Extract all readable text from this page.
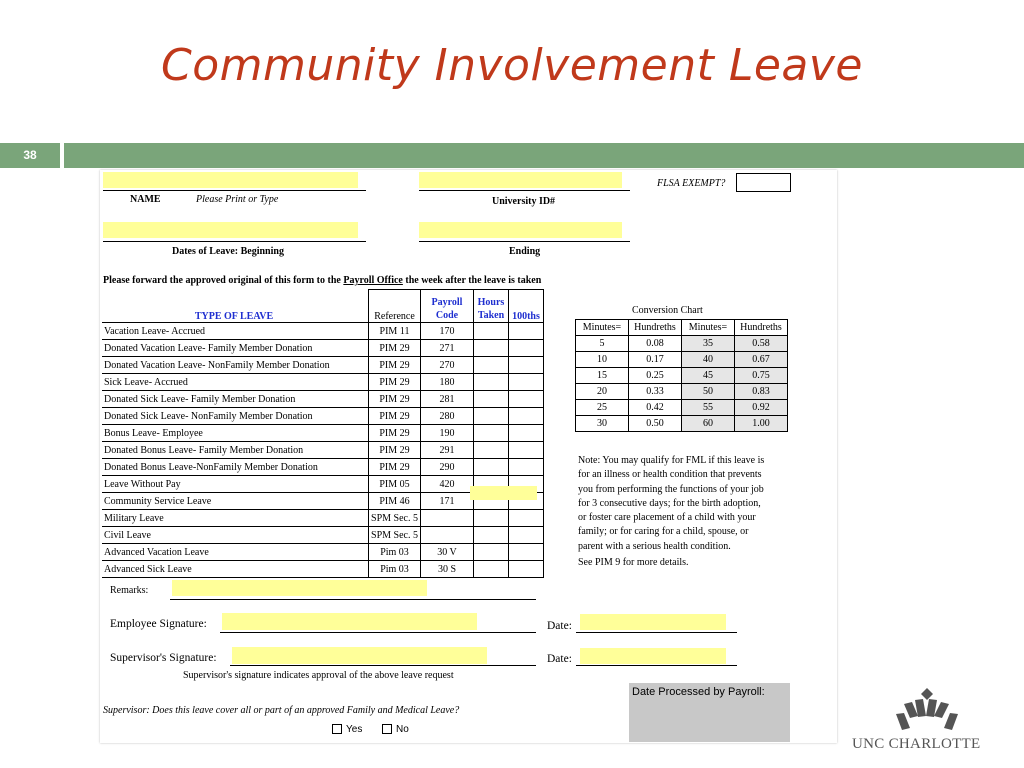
Community Involvement Leave
38
NAME	Please Print or Type	University ID#
FLSA EXEMPT?
Dates of Leave: Beginning	Ending
Please forward the approved original of this form to the Payroll Office the week after the leave is taken
TYPE OF LEAVE	Reference	Payroll Code	Hours Taken	100ths
Vacation Leave- Accrued	PIM 11	170		
Donated Vacation Leave- Family Member Donation	PIM 29	271		
Donated Vacation Leave- NonFamily Member Donation	PIM 29	270		
Sick Leave- Accrued	PIM 29	180		
Donated Sick Leave- Family Member Donation	PIM 29	281		
Donated Sick Leave- NonFamily Member Donation	PIM 29	280		
Bonus Leave- Employee	PIM 29	190		
Donated Bonus Leave- Family Member Donation	PIM 29	291		
Donated Bonus Leave-NonFamily Member Donation	PIM 29	290		
Leave Without Pay	PIM 05	420		
Community Service Leave	PIM 46	171		
Military Leave	SPM Sec. 5			
Civil Leave	SPM Sec. 5			
Advanced Vacation Leave	Pim 03	30 V		
Advanced Sick Leave	Pim 03	30 S		
Conversion Chart
Minutes=	Hundreths	Minutes=	Hundreths
5	0.08	35	0.58
10	0.17	40	0.67
15	0.25	45	0.75
20	0.33	50	0.83
25	0.42	55	0.92
30	0.50	60	1.00
Note: You may qualify for FML if this leave is
for an illness or health condition that prevents
you from performing the functions of your job
for 3 consecutive days; for the birth adoption,
or foster care placement of a child with your
family; or for caring for a child, spouse, or
parent with a serious health condition.
See PIM 9 for more details.
Remarks:
Employee Signature:	Date:
Supervisor's Signature:	Date:
Supervisor's signature indicates approval of the above leave request
Supervisor: Does this leave cover all or part of an approved Family and Medical Leave?
Yes	No
Date Processed by Payroll:
UNC CHARLOTTE
